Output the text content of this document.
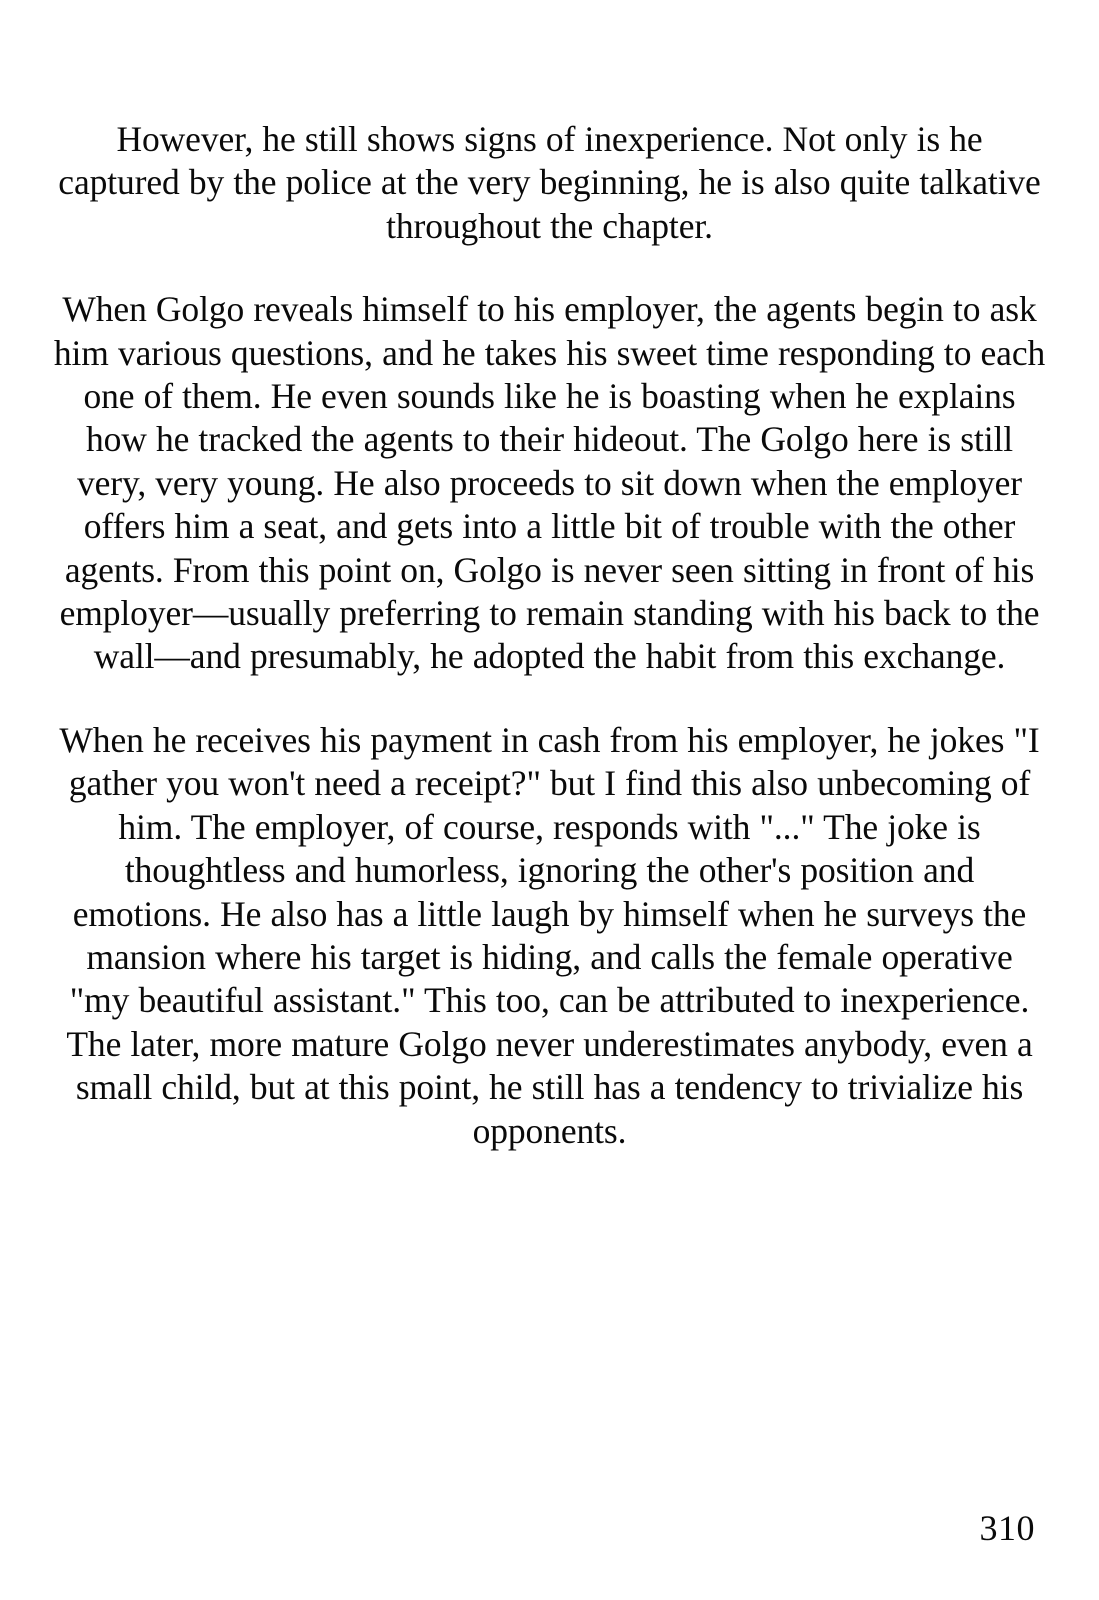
However, he still shows signs of inexperience. Not only is he captured by the police at the very beginning, he is also quite talkative throughout the chapter.

When Golgo reveals himself to his employer, the agents begin to ask him various questions, and he takes his sweet time responding to each one of them. He even sounds like he is boasting when he explains how he tracked the agents to their hideout. The Golgo here is still very, very young. He also proceeds to sit down when the employer offers him a seat, and gets into a little bit of trouble with the other agents. From this point on, Golgo is never seen sitting in front of his employer—usually preferring to remain standing with his back to the wall—and presumably, he adopted the habit from this exchange.

When he receives his payment in cash from his employer, he jokes "I gather you won't need a receipt?" but I find this also unbecoming of him. The employer, of course, responds with "..." The joke is thoughtless and humorless, ignoring the other's position and emotions. He also has a little laugh by himself when he surveys the mansion where his target is hiding, and calls the female operative "my beautiful assistant." This too, can be attributed to inexperience. The later, more mature Golgo never underestimates anybody, even a small child, but at this point, he still has a tendency to trivialize his opponents.

310
